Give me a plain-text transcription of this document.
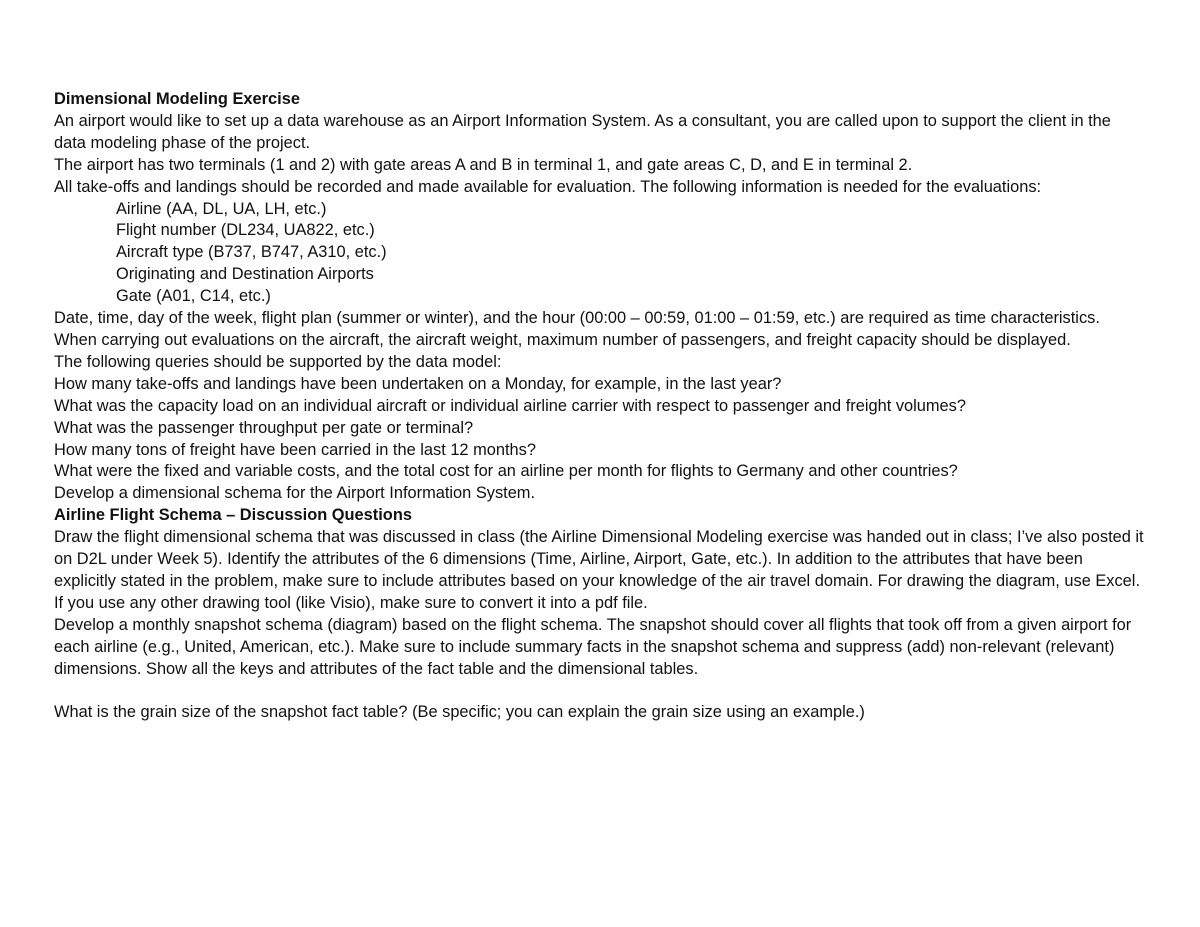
Dimensional Modeling Exercise

An airport would like to set up a data warehouse as an Airport Information System. As a consultant, you are called upon to support the client in the data modeling phase of the project.

The airport has two terminals (1 and 2) with gate areas A and B in terminal 1, and gate areas C, D, and E in terminal 2.

All take-offs and landings should be recorded and made available for evaluation. The following information is needed for the evaluations:

Airline (AA, DL, UA, LH, etc.)

Flight number (DL234, UA822, etc.)

Aircraft type (B737, B747, A310, etc.)

Originating and Destination Airports

Gate (A01, C14, etc.)

Date, time, day of the week, flight plan (summer or winter), and the hour (00:00 – 00:59, 01:00 – 01:59, etc.) are required as time characteristics.

When carrying out evaluations on the aircraft, the aircraft weight, maximum number of passengers, and freight capacity should be displayed.

The following queries should be supported by the data model:

How many take-offs and landings have been undertaken on a Monday, for example, in the last year?

What was the capacity load on an individual aircraft or individual airline carrier with respect to passenger and freight volumes?

What was the passenger throughput per gate or terminal?

How many tons of freight have been carried in the last 12 months?

What were the fixed and variable costs, and the total cost for an airline per month for flights to Germany and other countries?

Develop a dimensional schema for the Airport Information System.

Airline Flight Schema – Discussion Questions

Draw the flight dimensional schema that was discussed in class (the Airline Dimensional Modeling exercise was handed out in class; I’ve also posted it on D2L under Week 5). Identify the attributes of the 6 dimensions (Time, Airline, Airport, Gate, etc.). In addition to the attributes that have been explicitly stated in the problem, make sure to include attributes based on your knowledge of the air travel domain. For drawing the diagram, use Excel. If you use any other drawing tool (like Visio), make sure to convert it into a pdf file.

Develop a monthly snapshot schema (diagram) based on the flight schema. The snapshot should cover all flights that took off from a given airport for each airline (e.g., United, American, etc.). Make sure to include summary facts in the snapshot schema and suppress (add) non-relevant (relevant) dimensions. Show all the keys and attributes of the fact table and the dimensional tables.

What is the grain size of the snapshot fact table? (Be specific; you can explain the grain size using an example.)
